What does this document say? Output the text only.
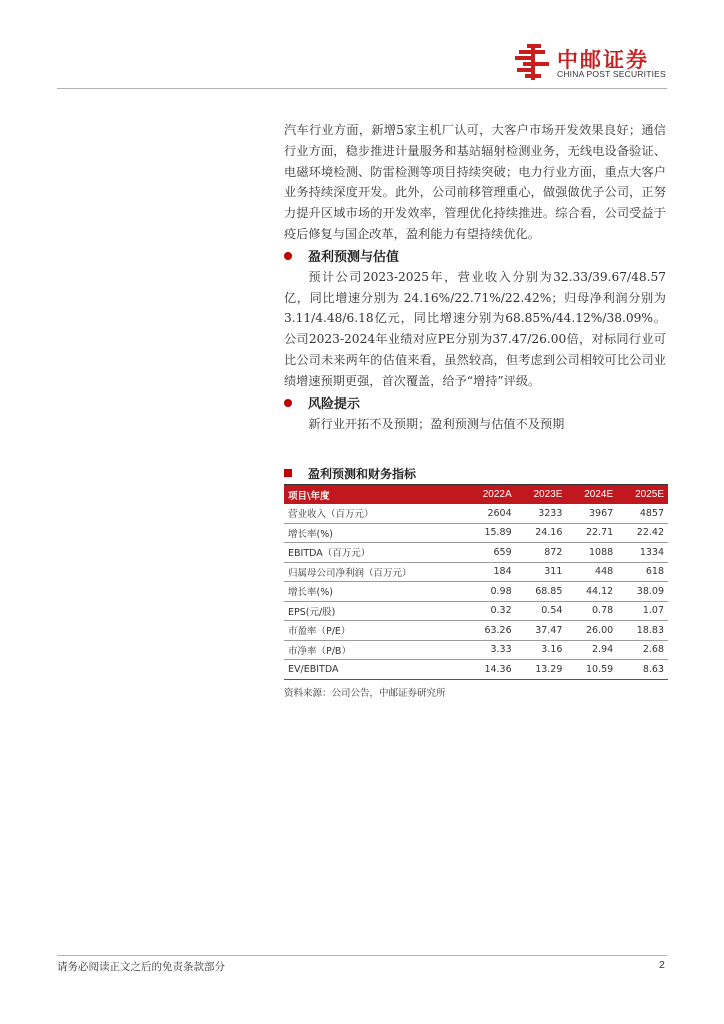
中邮证券
CHINA POST SECURITIES

汽车行业方面，新增5家主机厂认可，大客户市场开发效果良好；通信行业方面，稳步推进计量服务和基站辐射检测业务，无线电设备验证、电磁环境检测、防雷检测等项目持续突破；电力行业方面，重点大客户业务持续深度开发。此外，公司前移管理重心，做强做优子公司，正努力提升区域市场的开发效率，管理优化持续推进。综合看，公司受益于疫后修复与国企改革，盈利能力有望持续优化。

盈利预测与估值

预计公司2023-2025年，营业收入分别为32.33/39.67/48.57亿，同比增速分别为 24.16%/22.71%/22.42%；归母净利润分别为3.11/4.48/6.18亿元，同比增速分别为68.85%/44.12%/38.09%。公司2023-2024年业绩对应PE分别为37.47/26.00倍，对标同行业可比公司未来两年的估值来看，虽然较高，但考虑到公司相较可比公司业绩增速预期更强，首次覆盖，给予“增持”评级。

风险提示

新行业开拓不及预期；盈利预测与估值不及预期

盈利预测和财务指标
项目\年度	2022A	2023E	2024E	2025E
营业收入（百万元）	2604	3233	3967	4857
增长率(%)	15.89	24.16	22.71	22.42
EBITDA（百万元）	659	872	1088	1334
归属母公司净利润（百万元）	184	311	448	618
增长率(%)	0.98	68.85	44.12	38.09
EPS(元/股)	0.32	0.54	0.78	1.07
市盈率（P/E）	63.26	37.47	26.00	18.83
市净率（P/B）	3.33	3.16	2.94	2.68
EV/EBITDA	14.36	13.29	10.59	8.63
资料来源：公司公告，中邮证券研究所
请务必阅读正文之后的免责条款部分	2
